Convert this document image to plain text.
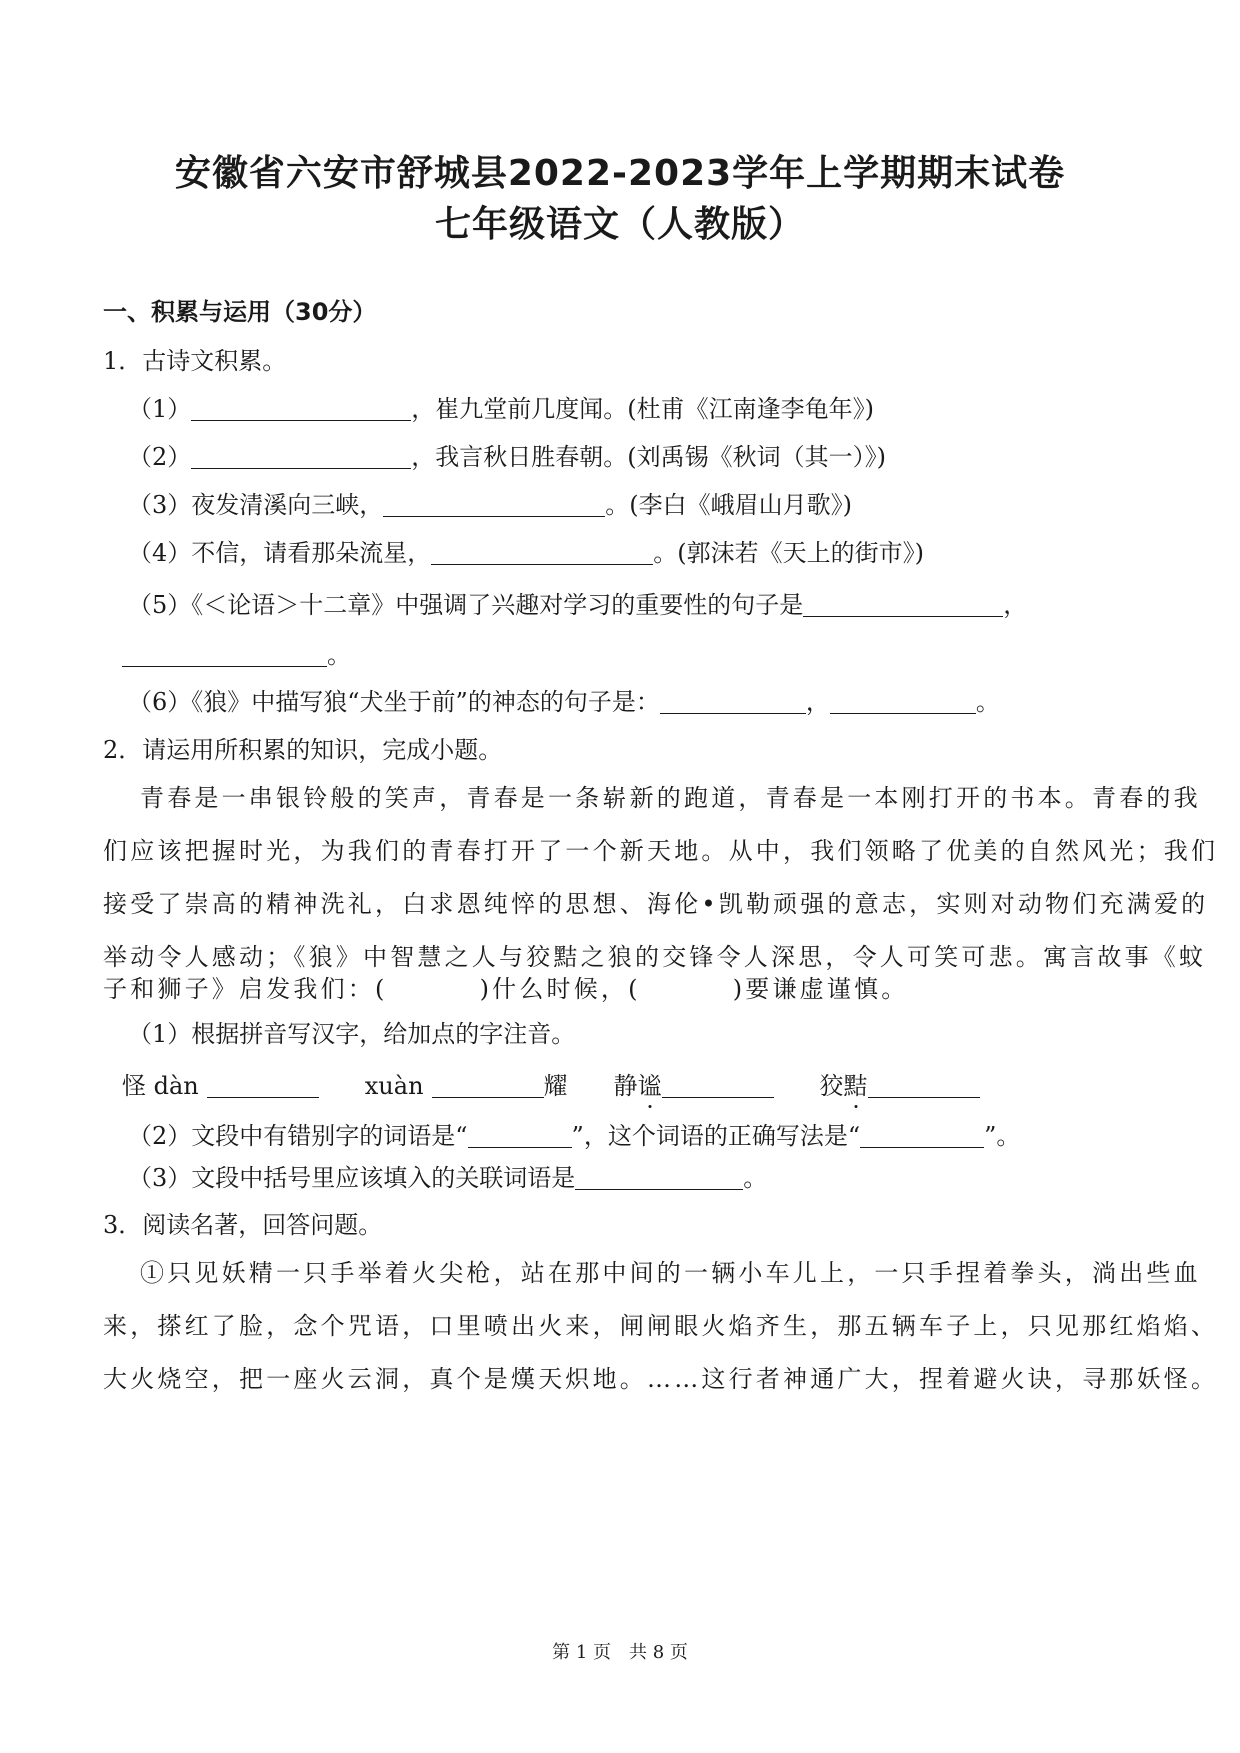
安徽省六安市舒城县2022-2023学年上学期期末试卷
七年级语文（人教版）
一、积累与运用（30分）
1．古诗文积累。
（1）	，崔九堂前几度闻。(杜甫《江南逢李龟年》)
（2）	，我言秋日胜春朝。(刘禹锡《秋词（其一）》)
（3）夜发清溪向三峡，	。(李白《峨眉山月歌》)
（4）不信，请看那朵流星，	。(郭沫若《天上的街市》)
（5）《＜论语＞十二章》中强调了兴趣对学习的重要性的句子是	，
。
（6）《狼》中描写狼“犬坐于前”的神态的句子是：	，	。
2．请运用所积累的知识，完成小题。
青春是一串银铃般的笑声，青春是一条崭新的跑道，青春是一本刚打开的书本。青春的我
们应该把握时光，为我们的青春打开了一个新天地。从中，我们领略了优美的自然风光；我们
接受了崇高的精神洗礼，白求恩纯悴的思想、海伦•凯勒顽强的意志，实则对动物们充满爱的
举动令人感动；《狼》中智慧之人与狡黠之狼的交锋令人深思，令人可笑可悲。寓言故事《蚊
子和狮子》启发我们：(	)什么时候，(	)要谦虚谨慎。
（1）根据拼音写汉字，给加点的字注音。
怪 dàn	xuàn	耀 静谧	狡黠
（2）文段中有错别字的词语是“	”，这个词语的正确写法是“	”。
（3）文段中括号里应该填入的关联词语是	。
3．阅读名著，回答问题。
①只见妖精一只手举着火尖枪，站在那中间的一辆小车儿上，一只手捏着拳头，淌出些血
来，搽红了脸，念个咒语，口里喷出火来，闸闸眼火焰齐生，那五辆车子上，只见那红焰焰、
大火烧空，把一座火云洞，真个是熯天炽地。……这行者神通广大，捏着避火诀，寻那妖怪。
第 1 页　共 8 页
